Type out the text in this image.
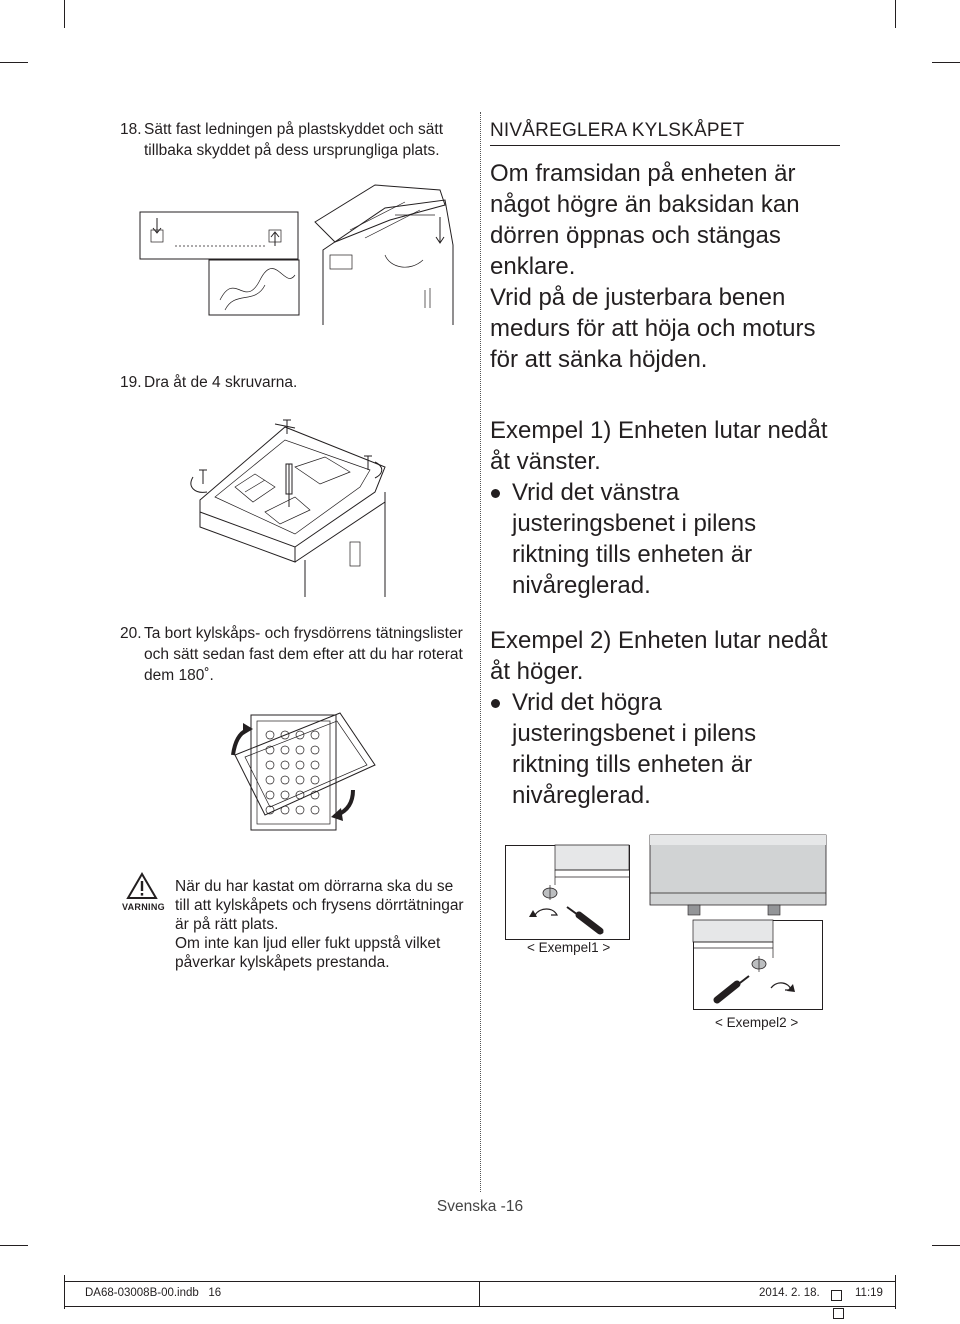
18. Sätt fast ledningen på plastskyddet och sätt
tillbaka skyddet på dess ursprungliga plats.
19. Dra åt de 4 skruvarna.
20. Ta bort kylskåps- och frysdörrens tätningslister
och sätt sedan fast dem efter att du har roterat
dem 180˚.
NIVÅREGLERA KYLSKÅPET
Om framsidan på enheten är
något högre än baksidan kan
dörren öppnas och stängas
enklare.
Vrid på de justerbara benen
medurs för att höja och moturs
för att sänka höjden.
Exempel 1) Enheten lutar nedåt
åt vänster.
Vrid det vänstra
justeringsbenet i pilens
riktning tills enheten är
nivåreglerad.
Exempel 2) Enheten lutar nedåt
åt höger.
Vrid det högra
justeringsbenet i pilens
riktning tills enheten är
nivåreglerad.
VARNING
När du har kastat om dörrarna ska du se
till att kylskåpets och frysens dörrtätningar
är på rätt plats.
Om inte kan ljud eller fukt uppstå vilket
påverkar kylskåpets prestanda.
< Exempel1 >
< Exempel2 >
Svenska -16
DA68-03008B-00.indb   16	2014. 2. 18.	11:19
